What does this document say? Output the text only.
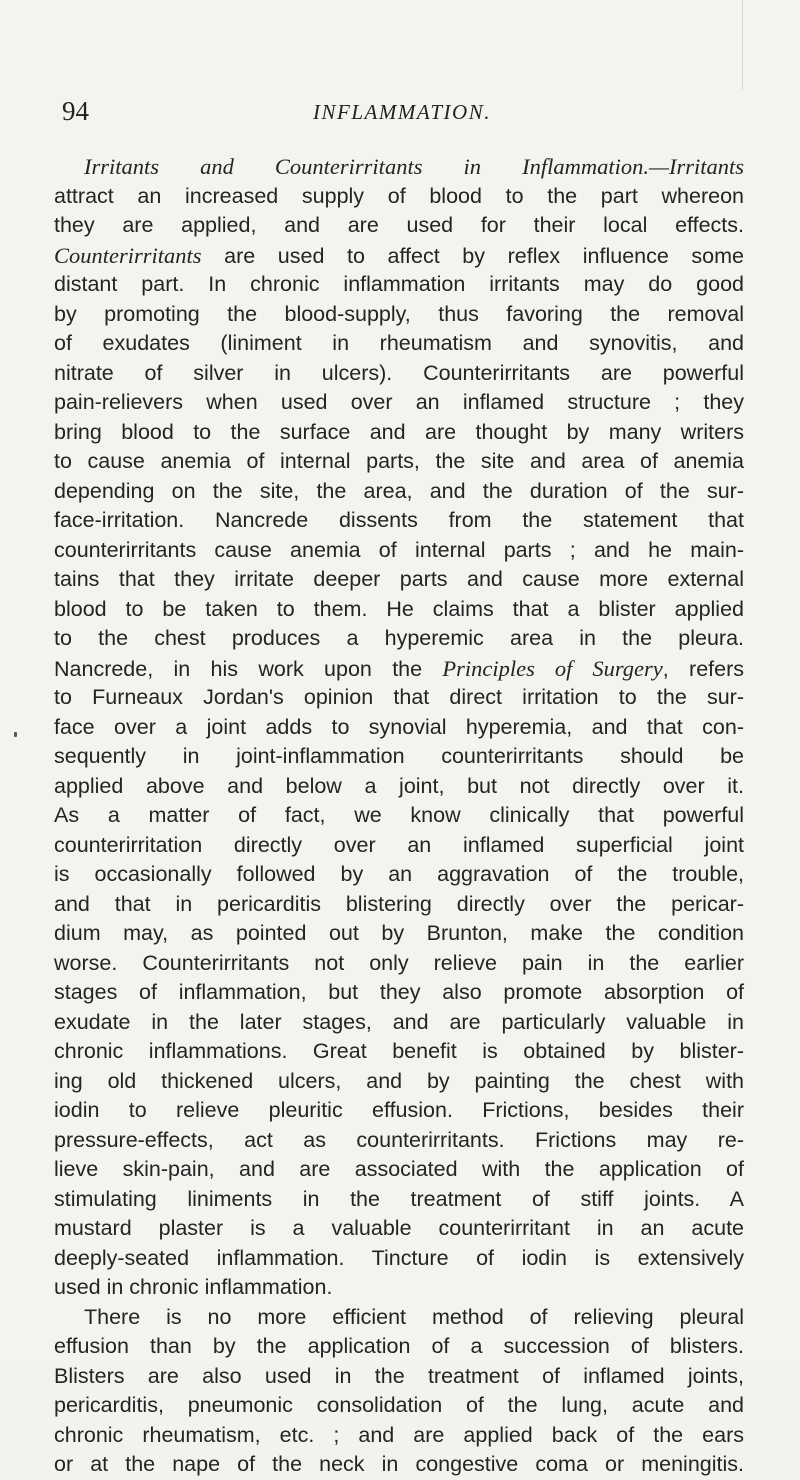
94	INFLAMMATION.
Irritants and Counterirritants in Inflammation.—Irritants
attract an increased supply of blood to the part whereon
they are applied, and are used for their local effects.
Counterirritants are used to affect by reflex influence some
distant part. In chronic inflammation irritants may do good
by promoting the blood-supply, thus favoring the removal
of exudates (liniment in rheumatism and synovitis, and
nitrate of silver in ulcers). Counterirritants are powerful
pain-relievers when used over an inflamed structure ; they
bring blood to the surface and are thought by many writers
to cause anemia of internal parts, the site and area of anemia
depending on the site, the area, and the duration of the sur-
face-irritation. Nancrede dissents from the statement that
counterirritants cause anemia of internal parts ; and he main-
tains that they irritate deeper parts and cause more external
blood to be taken to them. He claims that a blister applied
to the chest produces a hyperemic area in the pleura.
Nancrede, in his work upon the Principles of Surgery, refers
to Furneaux Jordan's opinion that direct irritation to the sur-
face over a joint adds to synovial hyperemia, and that con-
sequently in joint-inflammation counterirritants should be
applied above and below a joint, but not directly over it.
As a matter of fact, we know clinically that powerful
counterirritation directly over an inflamed superficial joint
is occasionally followed by an aggravation of the trouble,
and that in pericarditis blistering directly over the pericar-
dium may, as pointed out by Brunton, make the condition
worse. Counterirritants not only relieve pain in the earlier
stages of inflammation, but they also promote absorption of
exudate in the later stages, and are particularly valuable in
chronic inflammations. Great benefit is obtained by blister-
ing old thickened ulcers, and by painting the chest with
iodin to relieve pleuritic effusion. Frictions, besides their
pressure-effects, act as counterirritants. Frictions may re-
lieve skin-pain, and are associated with the application of
stimulating liniments in the treatment of stiff joints. A
mustard plaster is a valuable counterirritant in an acute
deeply-seated inflammation. Tincture of iodin is extensively
used in chronic inflammation.
There is no more efficient method of relieving pleural
effusion than by the application of a succession of blisters.
Blisters are also used in the treatment of inflamed joints,
pericarditis, pneumonic consolidation of the lung, acute and
chronic rheumatism, etc. ; and are applied back of the ears
or at the nape of the neck in congestive coma or meningitis.
